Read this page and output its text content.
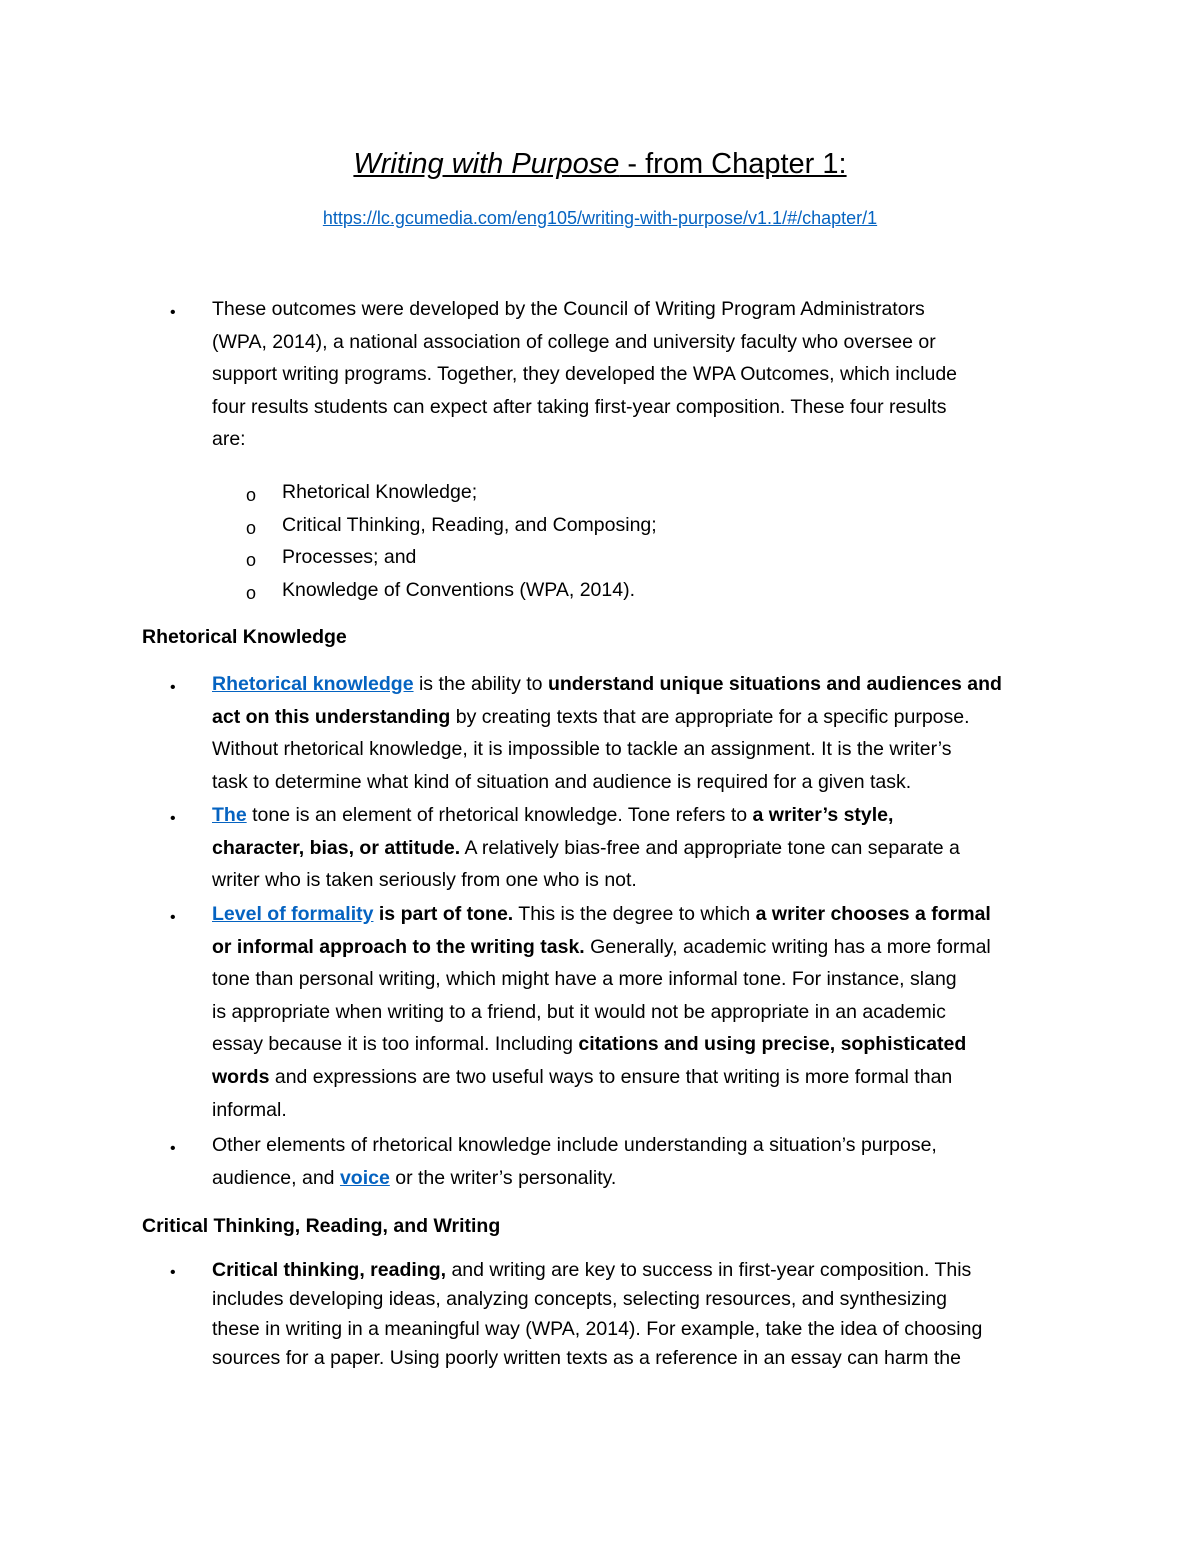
Writing with Purpose - from Chapter 1:
https://lc.gcumedia.com/eng105/writing-with-purpose/v1.1/#/chapter/1
• These outcomes were developed by the Council of Writing Program Administrators
(WPA, 2014), a national association of college and university faculty who oversee or
support writing programs. Together, they developed the WPA Outcomes, which include
four results students can expect after taking first-year composition. These four results
are:
o Rhetorical Knowledge;
o Critical Thinking, Reading, and Composing;
o Processes; and
o Knowledge of Conventions (WPA, 2014).
Rhetorical Knowledge
• Rhetorical knowledge is the ability to understand unique situations and audiences and
act on this understanding by creating texts that are appropriate for a specific purpose.
Without rhetorical knowledge, it is impossible to tackle an assignment. It is the writer’s
task to determine what kind of situation and audience is required for a given task.
• The tone is an element of rhetorical knowledge. Tone refers to a writer’s style,
character, bias, or attitude. A relatively bias-free and appropriate tone can separate a
writer who is taken seriously from one who is not.
• Level of formality is part of tone. This is the degree to which a writer chooses a formal
or informal approach to the writing task. Generally, academic writing has a more formal
tone than personal writing, which might have a more informal tone. For instance, slang
is appropriate when writing to a friend, but it would not be appropriate in an academic
essay because it is too informal. Including citations and using precise, sophisticated
words and expressions are two useful ways to ensure that writing is more formal than
informal.
• Other elements of rhetorical knowledge include understanding a situation’s purpose,
audience, and voice or the writer’s personality.
Critical Thinking, Reading, and Writing
• Critical thinking, reading, and writing are key to success in first-year composition. This
includes developing ideas, analyzing concepts, selecting resources, and synthesizing
these in writing in a meaningful way (WPA, 2014). For example, take the idea of choosing
sources for a paper. Using poorly written texts as a reference in an essay can harm the
